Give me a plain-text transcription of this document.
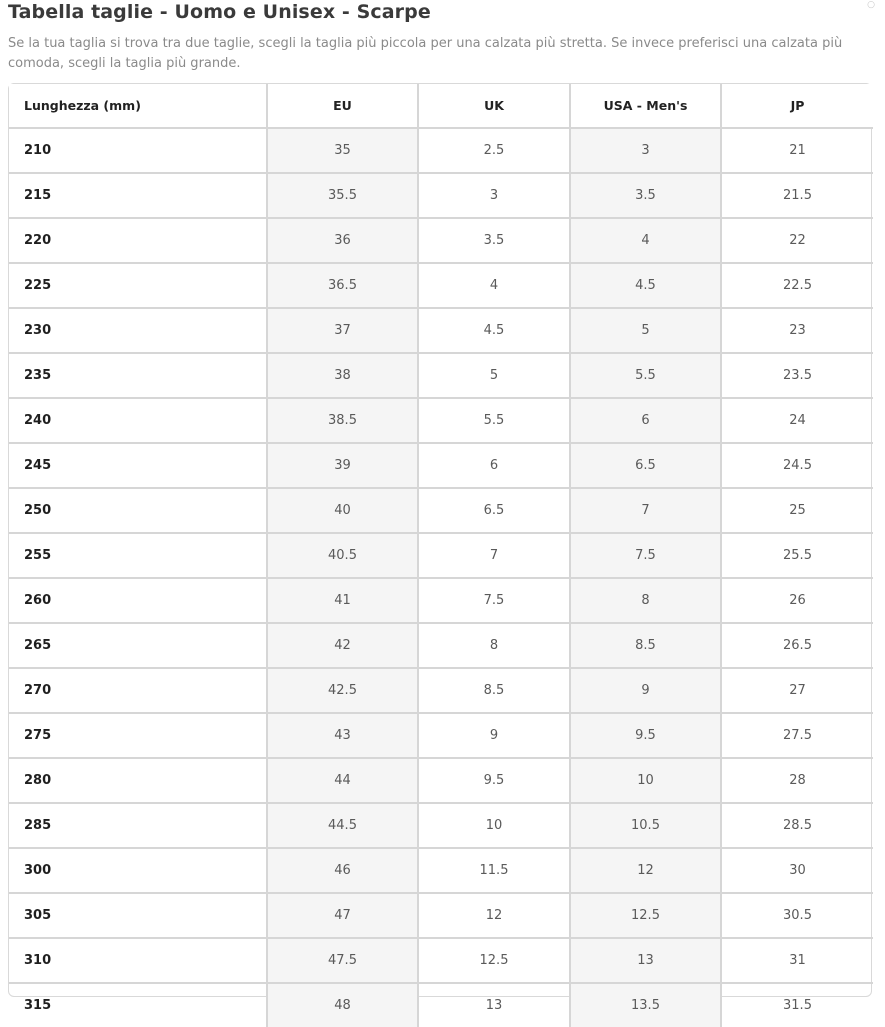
Tabella taglie - Uomo e Unisex - Scarpe

Se la tua taglia si trova tra due taglie, scegli la taglia più piccola per una calzata più stretta. Se invece preferisci una calzata più comoda, scegli la taglia più grande.

○
Lunghezza (mm)	EU	UK	USA - Men's	JP
210	35	2.5	3	21
215	35.5	3	3.5	21.5
220	36	3.5	4	22
225	36.5	4	4.5	22.5
230	37	4.5	5	23
235	38	5	5.5	23.5
240	38.5	5.5	6	24
245	39	6	6.5	24.5
250	40	6.5	7	25
255	40.5	7	7.5	25.5
260	41	7.5	8	26
265	42	8	8.5	26.5
270	42.5	8.5	9	27
275	43	9	9.5	27.5
280	44	9.5	10	28
285	44.5	10	10.5	28.5
300	46	11.5	12	30
305	47	12	12.5	30.5
310	47.5	12.5	13	31
315	48	13	13.5	31.5
